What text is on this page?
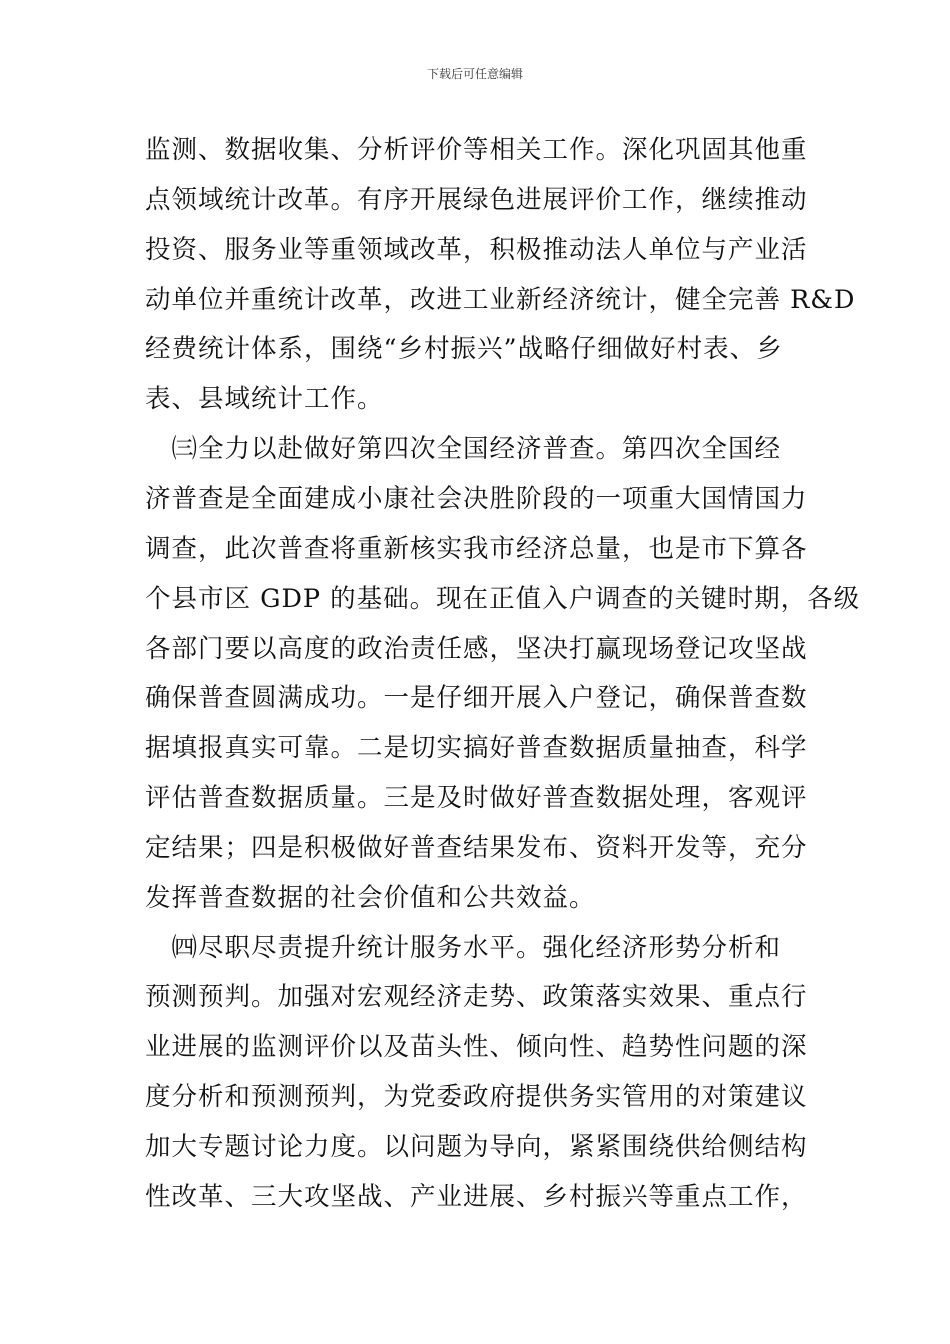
下载后可任意编辑
监测、数据收集、分析评价等相关工作。深化巩固其他重
点领域统计改革。有序开展绿色进展评价工作，继续推动
投资、服务业等重领域改革，积极推动法人单位与产业活
动单位并重统计改革，改进工业新经济统计，健全完善 R&D
经费统计体系，围绕“乡村振兴”战略仔细做好村表、乡
表、县域统计工作。
　㈢全力以赴做好第四次全国经济普查。第四次全国经
济普查是全面建成小康社会决胜阶段的一项重大国情国力
调查，此次普查将重新核实我市经济总量，也是市下算各
个县市区 GDP 的基础。现在正值入户调查的关键时期，各级
各部门要以高度的政治责任感，坚决打赢现场登记攻坚战
确保普查圆满成功。一是仔细开展入户登记，确保普查数
据填报真实可靠。二是切实搞好普查数据质量抽查，科学
评估普查数据质量。三是及时做好普查数据处理，客观评
定结果；四是积极做好普查结果发布、资料开发等，充分
发挥普查数据的社会价值和公共效益。
　㈣尽职尽责提升统计服务水平。强化经济形势分析和
预测预判。加强对宏观经济走势、政策落实效果、重点行
业进展的监测评价以及苗头性、倾向性、趋势性问题的深
度分析和预测预判，为党委政府提供务实管用的对策建议
加大专题讨论力度。以问题为导向，紧紧围绕供给侧结构
性改革、三大攻坚战、产业进展、乡村振兴等重点工作，
